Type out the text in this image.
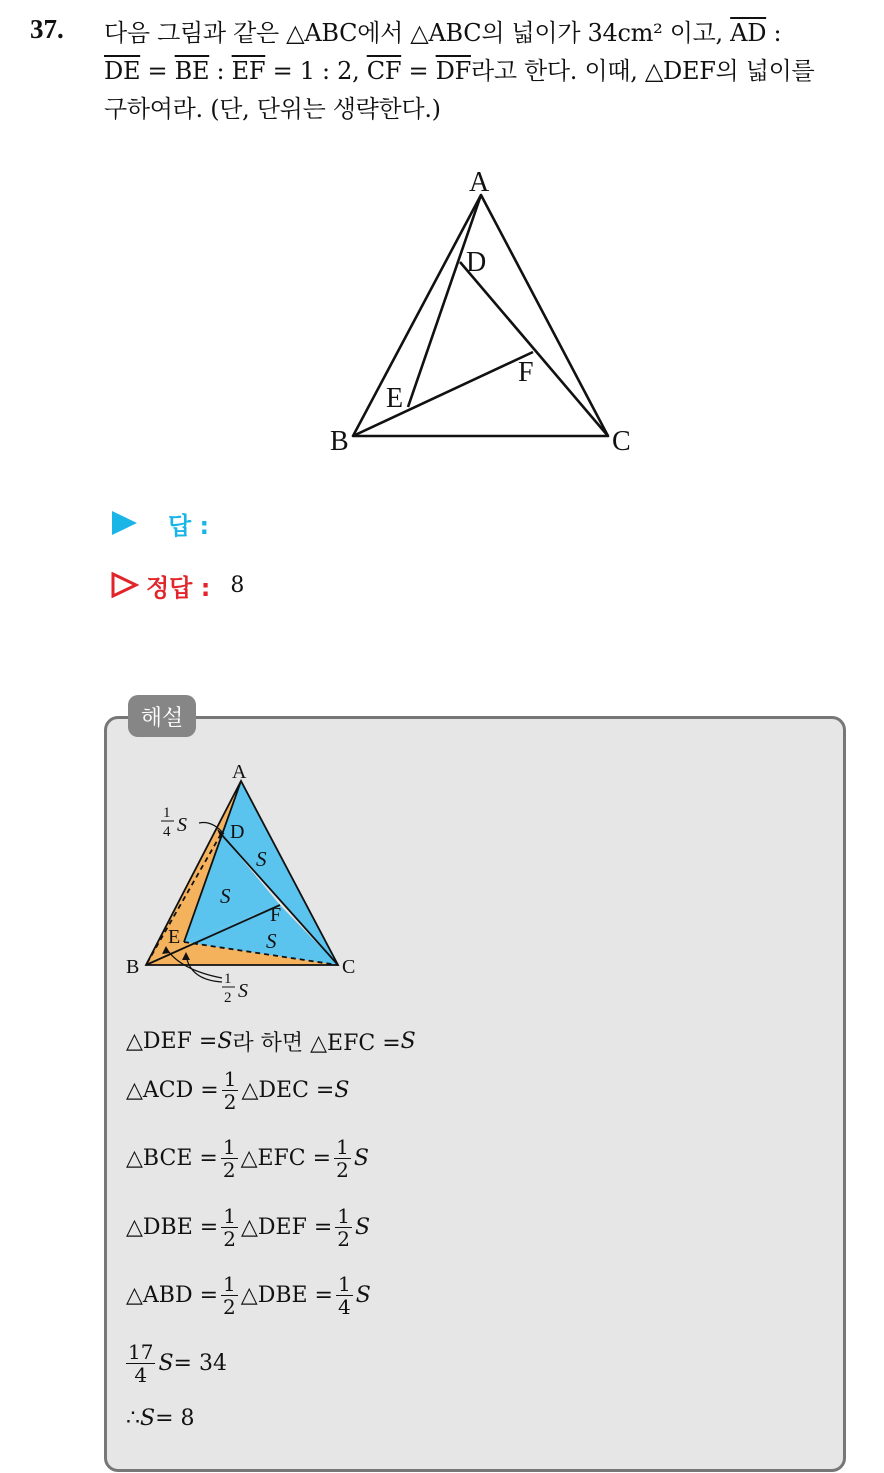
37. 다음 그림과 같은 △ABC에서 △ABC의 넓이가 34cm² 이고, $\overline{AD}$ :
$\overline{DE} = \overline{BE}$ : $\overline{EF} = 1$ : 2, $\overline{CF} = \overline{DF}$라고 한다. 이때, △DEF의 넓이를
구하여라. (단, 단위는 생략한다.)
A
B	C
D
E
F
답 :
정답 : 8
해설
A
B	C
D
E
F
S
S
S
1
4 S
1
2 S
△DEF = S 라 하면 △EFC = S
△ACD = $\frac{1}{2}$ △DEC = S
△BCE = $\frac{1}{2}$ △EFC = $\frac{1}{2}$ S
△DBE = $\frac{1}{2}$ △DEF = $\frac{1}{2}$ S
△ABD = $\frac{1}{2}$ △DBE = $\frac{1}{4}$ S
$\frac{17}{4}$ S = 34
∴ S = 8
